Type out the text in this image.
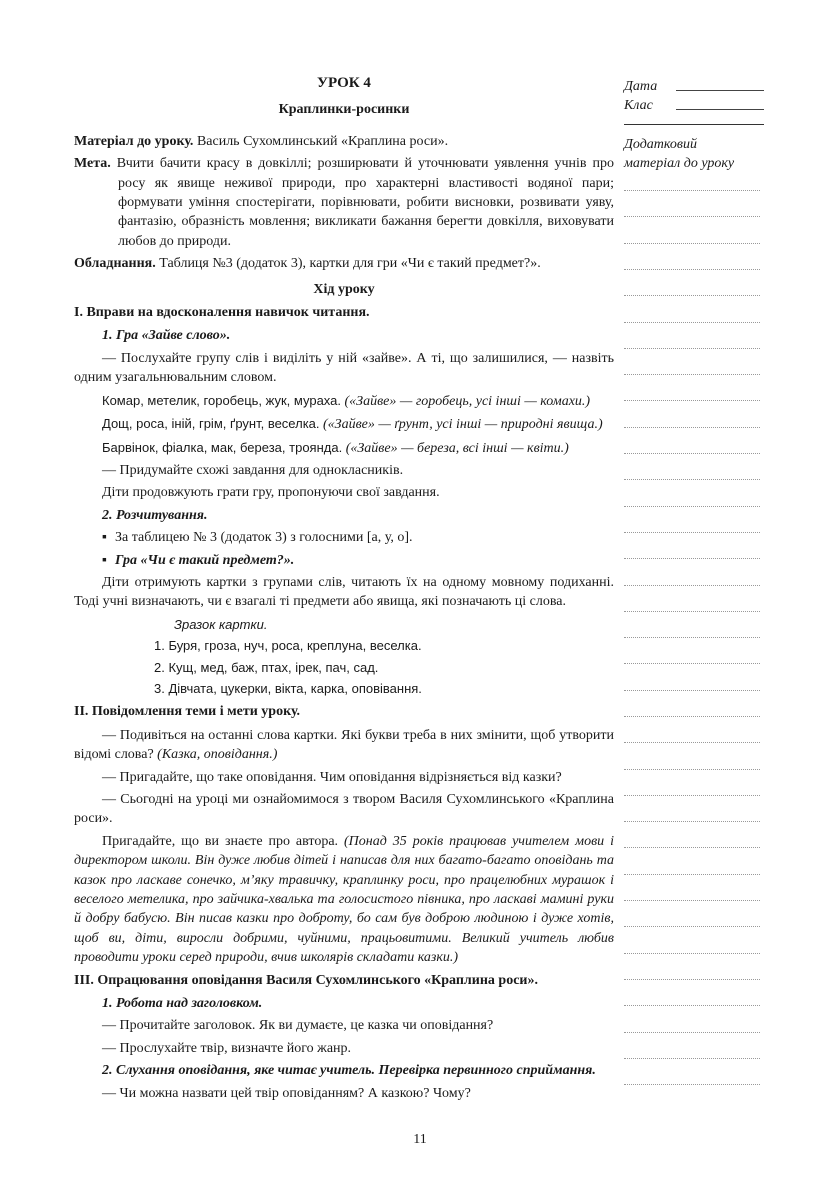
УРОК 4
Краплинки-росинки

Матеріал до уроку. Василь Сухомлинський «Краплина роси».

Мета. Вчити бачити красу в довкіллі; розширювати й уточнювати уявлення учнів про росу як явище неживої природи, про характерні властивості водяної пари; формувати уміння спостерігати, порівнювати, робити висновки, розвивати уяву, фантазію, образність мовлення; викликати бажання берегти довкілля, виховувати любов до природи.

Обладнання. Таблиця №3 (додаток 3), картки для гри «Чи є такий предмет?».

Хід уроку
І. Вправи на вдосконалення навичок читання.

1. Гра «Зайве слово».

— Послухайте групу слів і виділіть у ній «зайве». А ті, що залишилися, — назвіть одним узагальнювальним словом.

Комар, метелик, горобець, жук, мураха. («Зайве» — горобець, усі інші — комахи.)

Дощ, роса, іній, грім, ґрунт, веселка. («Зайве» — ґрунт, усі інші — природні явища.)

Барвінок, фіалка, мак, береза, троянда. («Зайве» — береза, всі інші — квіти.)

— Придумайте схожі завдання для однокласників.

Діти продовжують грати гру, пропонуючи свої завдання.

2. Розчитування.

▪ За таблицею № 3 (додаток 3) з голосними [а, у, о].
▪ Гра «Чи є такий предмет?».

Діти отримують картки з групами слів, читають їх на одному мовному подиханні. Тоді учні визначають, чи є взагалі ті предмети або явища, які позначають ці слова.

Зразок картки.
1. Буря, гроза, нуч, роса, креплуна, веселка.
2. Кущ, мед, баж, птах, ірек, пач, сад.
3. Дівчата, цукерки, вікта, карка, оповівання.
ІІ. Повідомлення теми і мети уроку.

— Подивіться на останні слова картки. Які букви треба в них змінити, щоб утворити відомі слова? (Казка, оповідання.)

— Пригадайте, що таке оповідання. Чим оповідання відрізняється від казки?

— Сьогодні на уроці ми ознайомимося з твором Василя Сухомлинського «Краплина роси».

Пригадайте, що ви знаєте про автора. (Понад 35 років працював учителем мови і директором школи. Він дуже любив дітей і написав для них багато-багато оповідань та казок про ласкаве сонечко, м’яку травичку, краплинку роси, про працелюбних мурашок і веселого метелика, про зайчика-хвалька та голосистого півника, про ласкаві мамині руки й добру бабусю. Він писав казки про доброту, бо сам був доброю людиною і дуже хотів, щоб ви, діти, виросли добрими, чуйними, працьовитими. Великий учитель любив проводити уроки серед природи, вчив школярів складати казки.)

ІІІ. Опрацювання оповідання Василя Сухомлинського «Краплина роси».

1. Робота над заголовком.

— Прочитайте заголовок. Як ви думаєте, це казка чи оповідання?

— Прослухайте твір, визначте його жанр.

2. Слухання оповідання, яке читає учитель. Перевірка первинного сприймання.

— Чи можна назвати цей твір оповіданням? А казкою? Чому?

Дата
Клас
Додатковий
матеріал до уроку
11
